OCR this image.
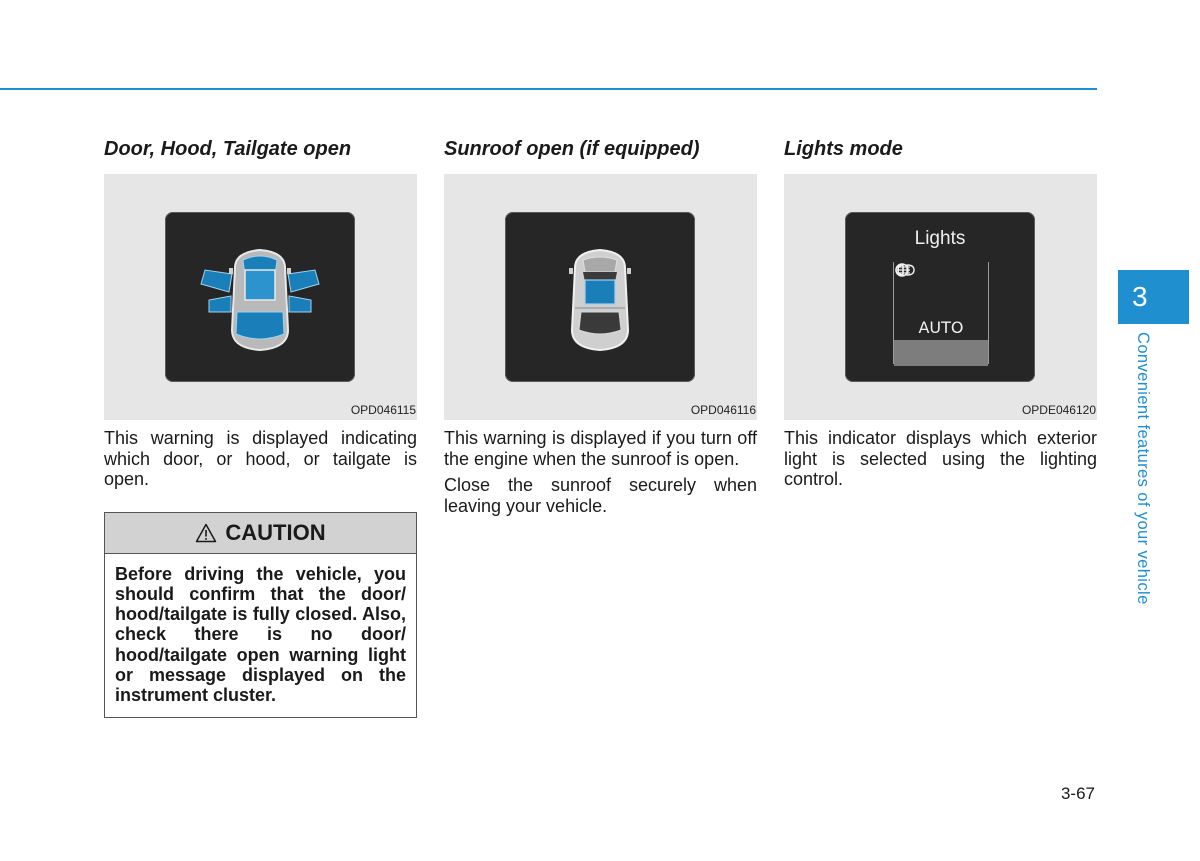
Door, Hood, Tailgate open
OPD046115

This warning is displayed indicating which door, or hood, or tailgate is open.

CAUTION
Before driving the vehicle, you should confirm that the door/ hood/tailgate is fully closed. Also, check there is no door/ hood/tailgate open warning light or message displayed on the instrument cluster.
Sunroof open (if equipped)
OPD046116

This warning is displayed if you turn off the engine when the sunroof is open.

Close the sunroof securely when leaving your vehicle.

Lights mode
Lights
AUTO
OPDE046120

This indicator displays which exterior light is selected using the lighting control.

3
Convenient features of your vehicle
3-67
